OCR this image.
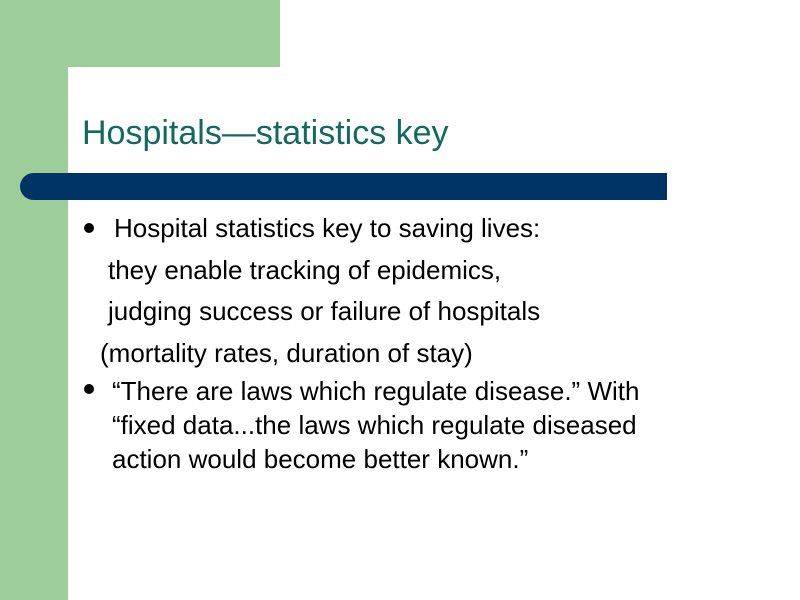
Hospitals—statistics key

Hospital statistics key to saving lives:

they enable tracking of epidemics,

judging success or failure of hospitals

(mortality rates, duration of stay)

“There are laws which regulate disease.” With “fixed data...the laws which regulate diseased action would become better known.”
